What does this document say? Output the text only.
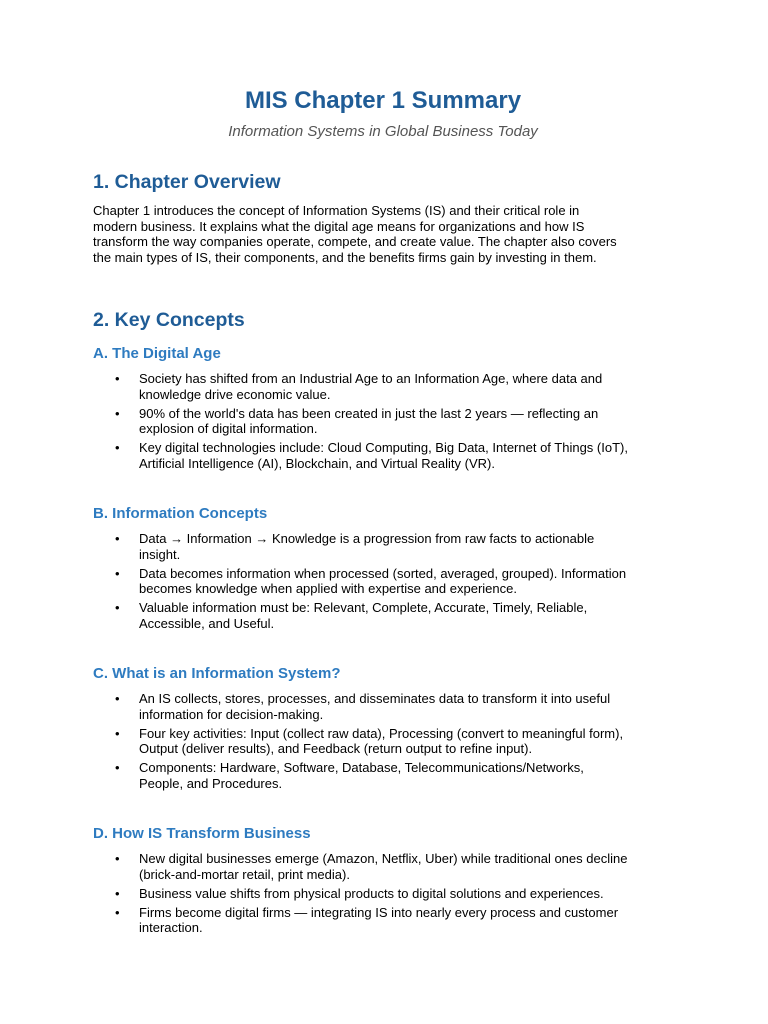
MIS Chapter 1 Summary

Information Systems in Global Business Today

1. Chapter Overview

Chapter 1 introduces the concept of Information Systems (IS) and their critical role in
modern business. It explains what the digital age means for organizations and how IS
transform the way companies operate, compete, and create value. The chapter also covers
the main types of IS, their components, and the benefits firms gain by investing in them.

2. Key Concepts
A. The Digital Age
• Society has shifted from an Industrial Age to an Information Age, where data and
knowledge drive economic value.
• 90% of the world's data has been created in just the last 2 years — reflecting an
explosion of digital information.
• Key digital technologies include: Cloud Computing, Big Data, Internet of Things (IoT),
Artificial Intelligence (AI), Blockchain, and Virtual Reality (VR).
B. Information Concepts
• Data → Information → Knowledge is a progression from raw facts to actionable
insight.
• Data becomes information when processed (sorted, averaged, grouped). Information
becomes knowledge when applied with expertise and experience.
• Valuable information must be: Relevant, Complete, Accurate, Timely, Reliable,
Accessible, and Useful.
C. What is an Information System?
• An IS collects, stores, processes, and disseminates data to transform it into useful
information for decision-making.
• Four key activities: Input (collect raw data), Processing (convert to meaningful form),
Output (deliver results), and Feedback (return output to refine input).
• Components: Hardware, Software, Database, Telecommunications/Networks,
People, and Procedures.
D. How IS Transform Business
• New digital businesses emerge (Amazon, Netflix, Uber) while traditional ones decline
(brick-and-mortar retail, print media).
• Business value shifts from physical products to digital solutions and experiences.
• Firms become digital firms — integrating IS into nearly every process and customer
interaction.
